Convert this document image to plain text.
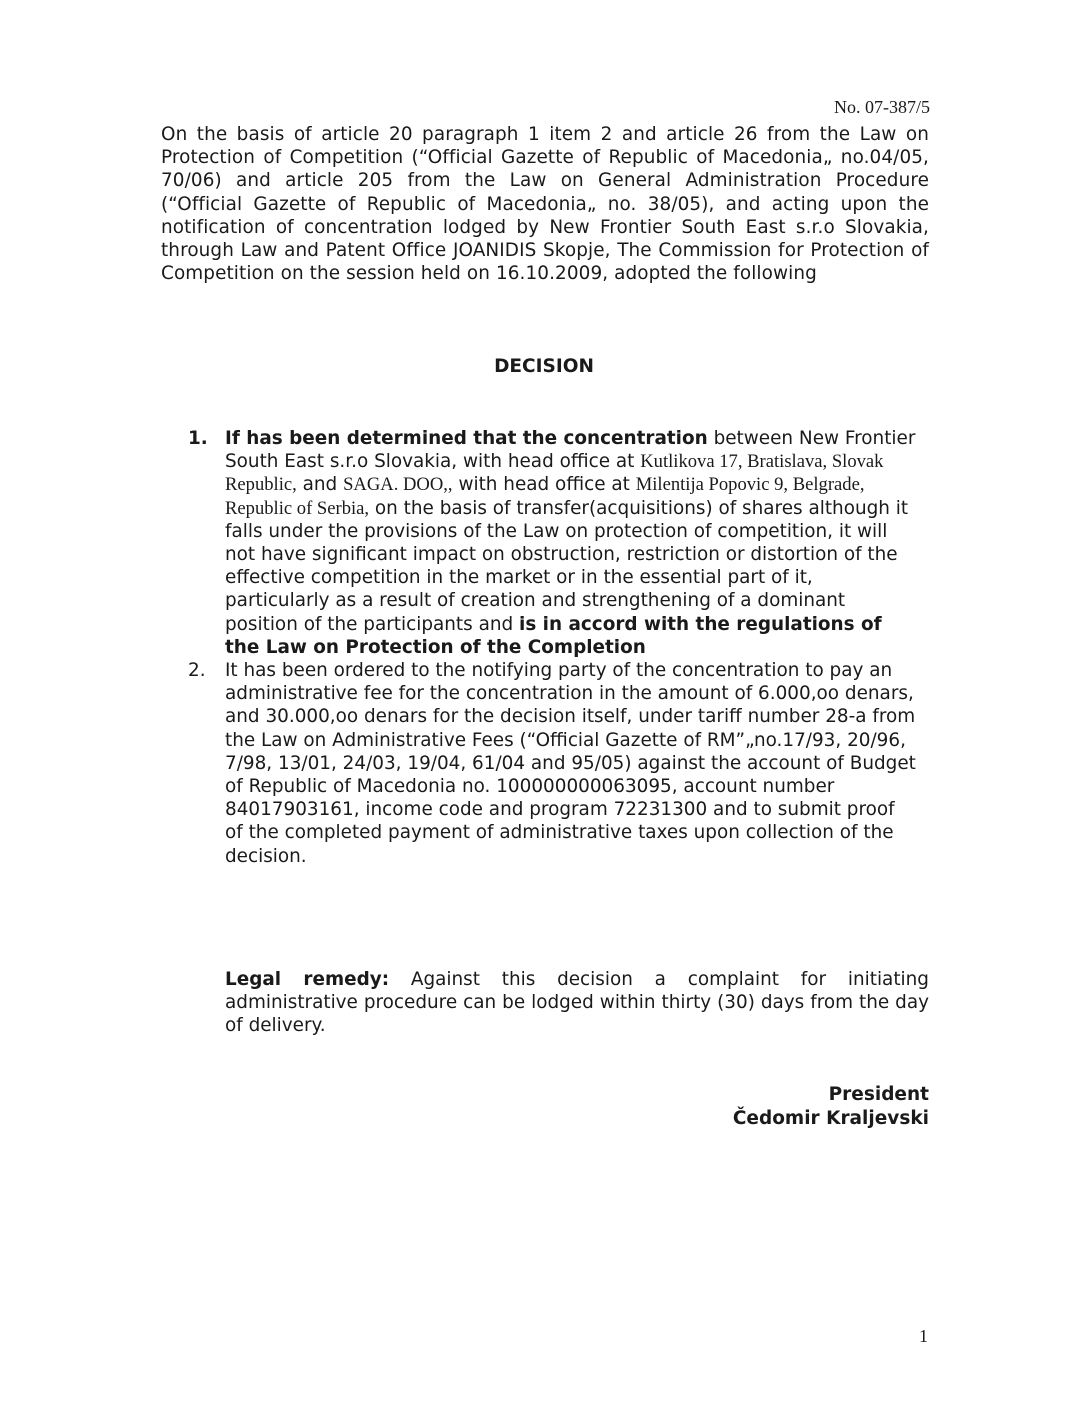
No. 07-387/5
On the basis of article 20 paragraph 1 item 2 and article 26 from the Law on Protection of Competition (“Official Gazette of Republic of Macedonia„ no.04/05, 70/06) and article 205 from the Law on General Administration Procedure (“Official Gazette of Republic of Macedonia„ no. 38/05), and acting upon the notification of concentration lodged by New Frontier South East s.r.o Slovakia, through Law and Patent Office JOANIDIS Skopje, The Commission for Protection of Competition on the session held on 16.10.2009, adopted the following
DECISION
1. If has been determined that the concentration between New Frontier South East s.r.o Slovakia, with head office at Kutlikova 17, Bratislava, Slovak Republic, and SAGA. DOO,, with head office at Milentija Popovic 9, Belgrade, Republic of Serbia, on the basis of transfer(acquisitions) of shares although it falls under the provisions of the Law on protection of competition, it will not have significant impact on obstruction, restriction or distortion of the effective competition in the market or in the essential part of it, particularly as a result of creation and strengthening of a dominant position of the participants and is in accord with the regulations of the Law on Protection of the Completion
2.	It has been ordered to the notifying party of the concentration to pay an administrative fee for the concentration in the amount of 6.000,oo denars, and 30.000,oo denars for the decision itself, under tariff number 28-a from the Law on Administrative Fees (“Official Gazette of RM”„no.17/93, 20/96, 7/98, 13/01, 24/03, 19/04, 61/04 and 95/05) against the account of Budget of Republic of Macedonia no. 100000000063095, account number 84017903161, income code and program 72231300 and to submit proof of the completed payment of administrative taxes upon collection of the decision.
Legal remedy: Against this decision a complaint for initiating administrative procedure can be lodged within thirty (30) days from the day of delivery.
President
Čedomir Kraljevski
1
